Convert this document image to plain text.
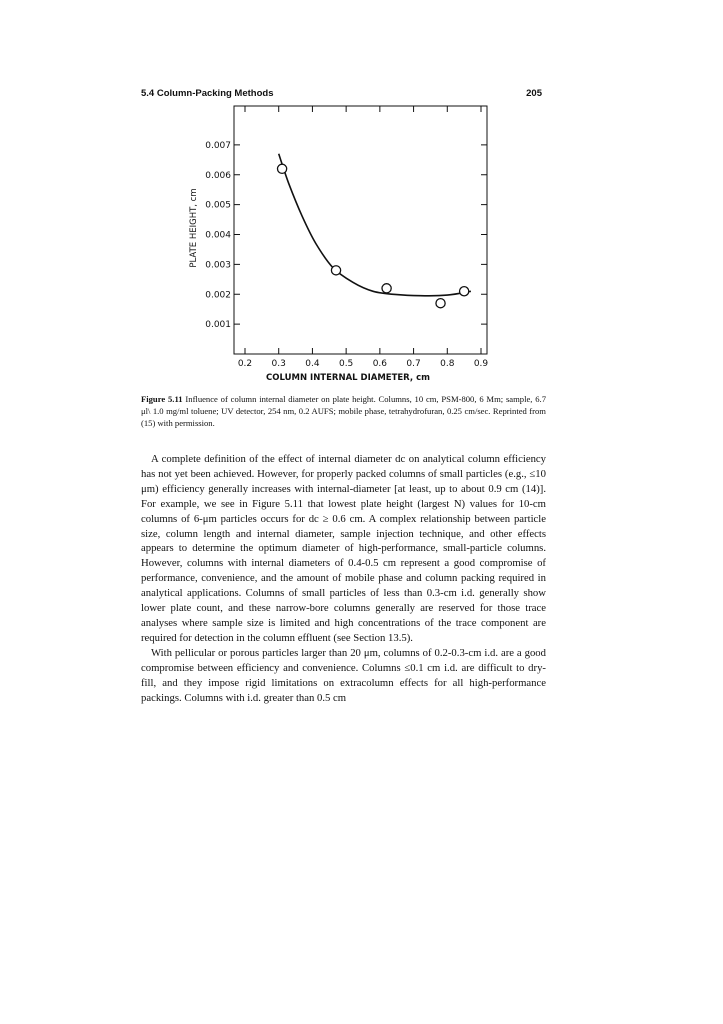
5.4 Column-Packing Methods	205
0.2 0.3 0.4 0.5 0.6 0.7 0.8 0.9
0.007
0.006
0.005
0.004
0.003
0.002
0.001
COLUMN INTERNAL DIAMETER, cm
PLATE HEIGHT, cm
Figure 5.11 Influence of column internal diameter on plate height. Columns, 10 cm, PSM-800, 6 Mm; sample, 6.7 μl\ 1.0 mg/ml toluene; UV detector, 254 nm, 0.2 AUFS; mobile phase, tetrahydrofuran, 0.25 cm/sec. Reprinted from (15) with permission.

A complete definition of the effect of internal diameter dc on analytical column efficiency has not yet been achieved. However, for properly packed columns of small particles (e.g., ≤10 μm) efficiency generally increases with internal-diameter [at least, up to about 0.9 cm (14)]. For example, we see in Figure 5.11 that lowest plate height (largest N) values for 10-cm columns of 6-μm particles occurs for dc ≥ 0.6 cm. A complex relationship between particle size, column length and internal diameter, sample injection technique, and other effects appears to determine the optimum diameter of high-performance, small-particle columns. However, columns with internal diameters of 0.4-0.5 cm represent a good compromise of performance, convenience, and the amount of mobile phase and column packing required in analytical applications. Columns of small particles of less than 0.3-cm i.d. generally show lower plate count, and these narrow-bore columns generally are reserved for those trace analyses where sample size is limited and high concentrations of the trace component are required for detection in the column effluent (see Section 13.5).

With pellicular or porous particles larger than 20 μm, columns of 0.2-0.3-cm i.d. are a good compromise between efficiency and convenience. Columns ≤0.1 cm i.d. are difficult to dry-fill, and they impose rigid limitations on extracolumn effects for all high-performance packings. Columns with i.d. greater than 0.5 cm
